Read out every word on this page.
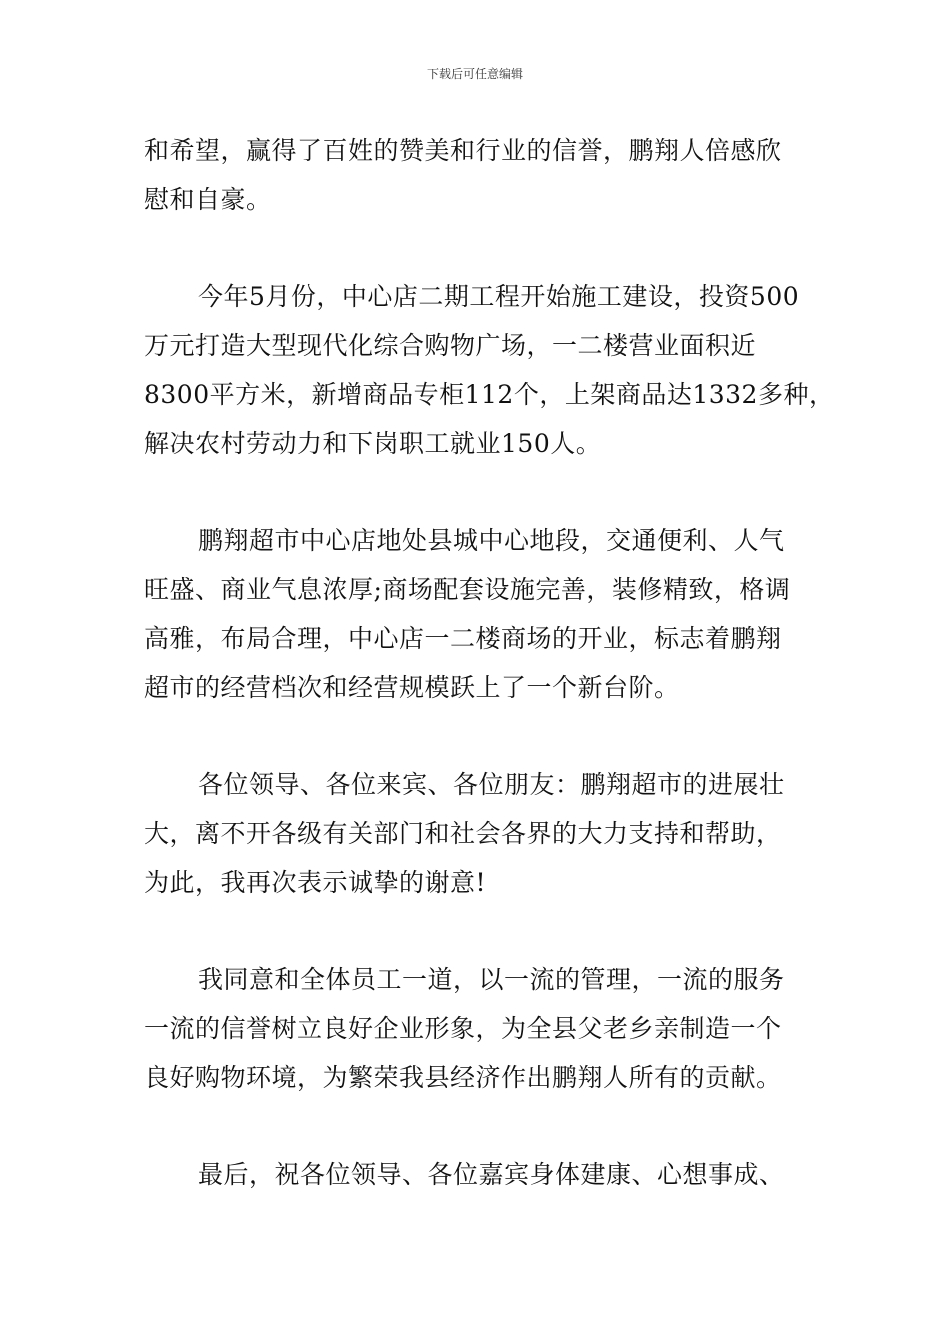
下载后可任意编辑

和希望，赢得了百姓的赞美和行业的信誉，鹏翔人倍感欣
慰和自豪。

今年5月份，中心店二期工程开始施工建设，投资500
万元打造大型现代化综合购物广场，一二楼营业面积近
8300平方米，新增商品专柜112个，上架商品达1332多种，
解决农村劳动力和下岗职工就业150人。

鹏翔超市中心店地处县城中心地段，交通便利、人气
旺盛、商业气息浓厚;商场配套设施完善，装修精致，格调
高雅，布局合理，中心店一二楼商场的开业，标志着鹏翔
超市的经营档次和经营规模跃上了一个新台阶。

各位领导、各位来宾、各位朋友：鹏翔超市的进展壮
大，离不开各级有关部门和社会各界的大力支持和帮助，
为此，我再次表示诚挚的谢意!

我同意和全体员工一道，以一流的管理，一流的服务
一流的信誉树立良好企业形象，为全县父老乡亲制造一个
良好购物环境，为繁荣我县经济作出鹏翔人所有的贡献。

最后，祝各位领导、各位嘉宾身体建康、心想事成、
